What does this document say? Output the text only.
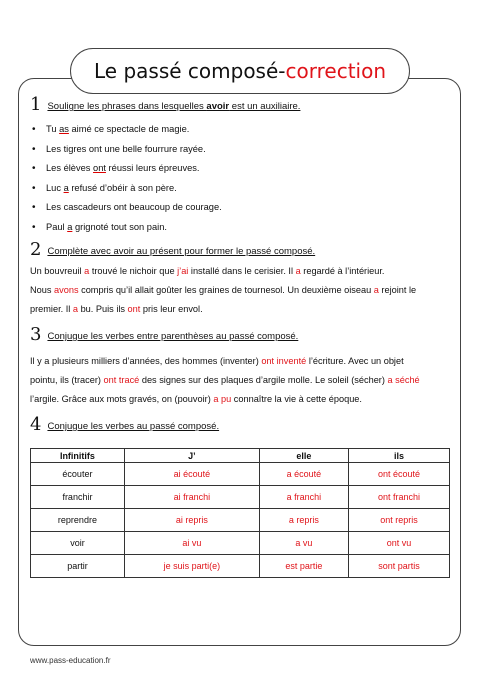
Le passé composé-correction
1 Souligne les phrases dans lesquelles avoir est un auxiliaire.
• Tu as aimé ce spectacle de magie.
• Les tigres ont une belle fourrure rayée.
• Les élèves ont réussi leurs épreuves.
• Luc a refusé d’obéir à son père.
• Les cascadeurs ont beaucoup de courage.
• Paul a grignoté tout son pain.
2 Complète avec avoir au présent pour former le passé composé.
Un bouvreuil a trouvé le nichoir que j’ai installé dans le cerisier. Il a regardé à l’intérieur.
Nous avons compris qu’il allait goûter les graines de tournesol. Un deuxième oiseau a rejoint le
premier. Il a bu. Puis ils ont pris leur envol.
3 Conjugue les verbes entre parenthèses au passé composé.
Il y a plusieurs milliers d’années, des hommes (inventer) ont inventé l’écriture. Avec un objet
pointu, ils (tracer) ont tracé des signes sur des plaques d’argile molle. Le soleil (sécher) a séché
l’argile. Grâce aux mots gravés, on (pouvoir) a pu connaître la vie à cette époque.
4 Conjugue les verbes au passé composé.
Infinitifs	J’	elle	ils
écouter	ai écouté	a écouté	ont écouté
franchir	ai franchi	a franchi	ont franchi
reprendre	ai repris	a repris	ont repris
voir	ai vu	a vu	ont vu
partir	je suis parti(e)	est partie	sont partis
www.pass-education.fr
